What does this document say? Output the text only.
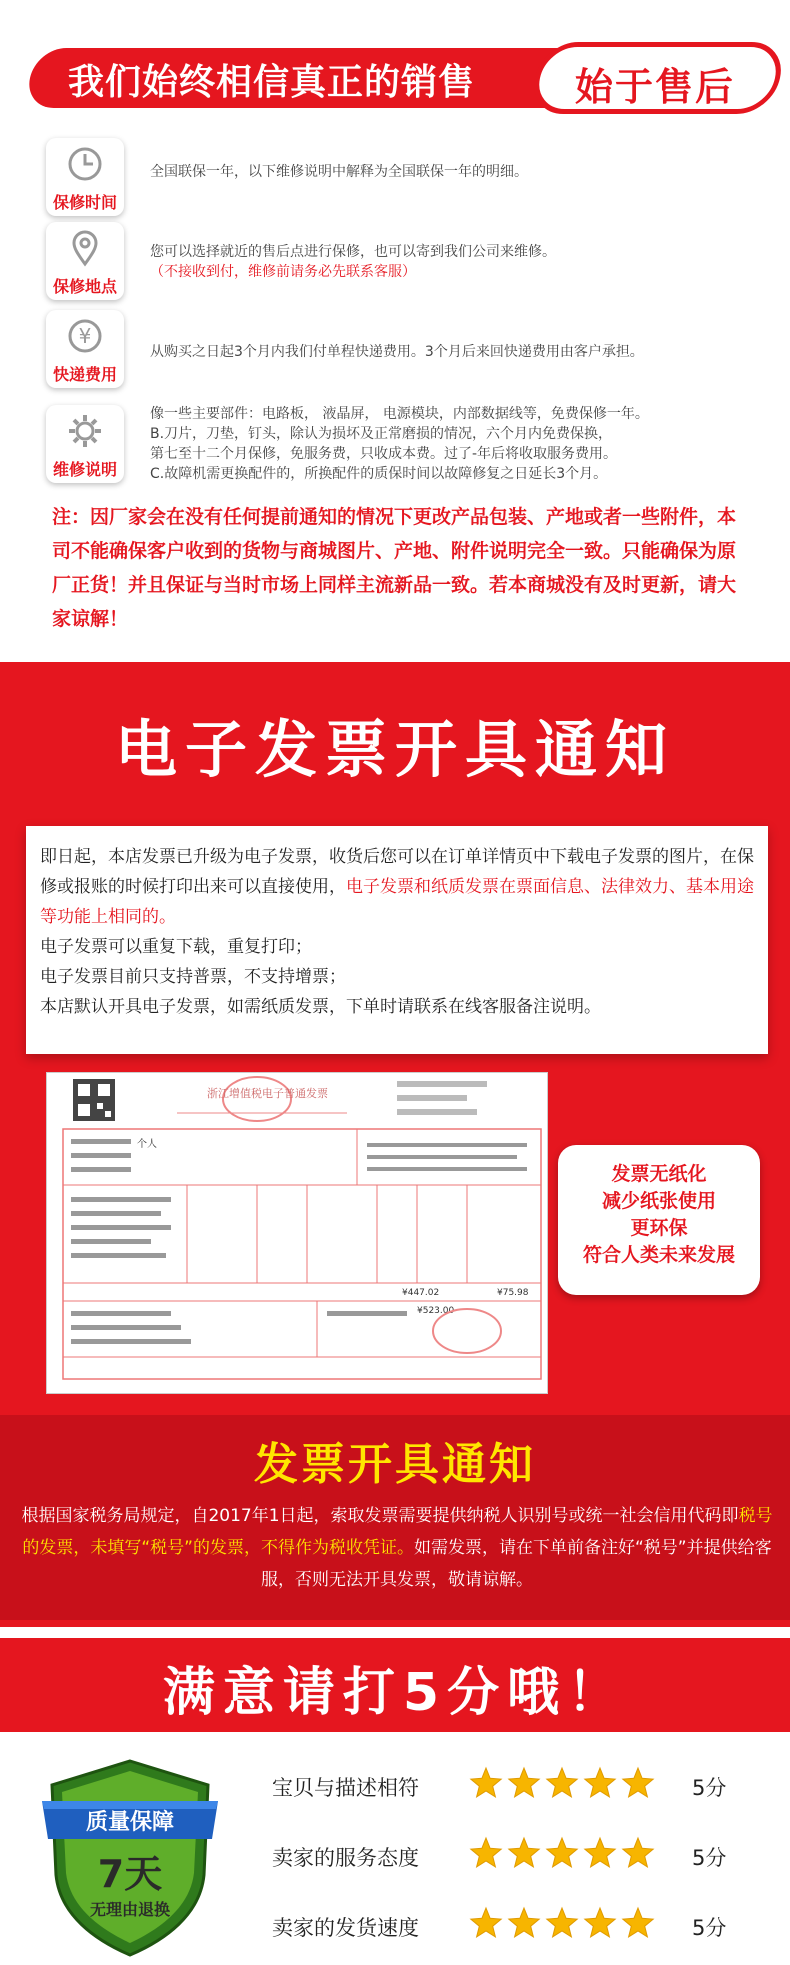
我们始终相信真正的销售	始于售后
保修时间
全国联保一年，以下维修说明中解释为全国联保一年的明细。
保修地点
您可以选择就近的售后点进行保修，也可以寄到我们公司来维修。
（不接收到付，维修前请务必先联系客服）
¥
快递费用
从购买之日起3个月内我们付单程快递费用。3个月后来回快递费用由客户承担。
维修说明
像一些主要部件：电路板， 液晶屏， 电源模块，内部数据线等，免费保修一年。
B.刀片，刀垫，钉头，除认为损坏及正常磨损的情况，六个月内免费保换，
第七至十二个月保修，免服务费，只收成本费。过了-年后将收取服务费用。
C.故障机需更换配件的，所换配件的质保时间以故障修复之日延长3个月。
注：因厂家会在没有任何提前通知的情况下更改产品包装、产地或者一些附件，本司不能确保客户收到的货物与商城图片、产地、附件说明完全一致。只能确保为原厂正货！并且保证与当时市场上同样主流新品一致。若本商城没有及时更新，请大家谅解！
电子发票开具通知

即日起，本店发票已升级为电子发票，收货后您可以在订单详情页中下载电子发票的图片，在保修或报账的时候打印出来可以直接使用，电子发票和纸质发票在票面信息、法律效力、基本用途等功能上相同的。

电子发票可以重复下载，重复打印；

电子发票目前只支持普票，不支持增票；

本店默认开具电子发票，如需纸质发票，下单时请联系在线客服备注说明。

个人
浙江增值税电子普通发票
¥447.02	¥75.98
¥523.00
发票无纸化
减少纸张使用
更环保
符合人类未来发展
发票开具通知
根据国家税务局规定，自2017年1日起，索取发票需要提供纳税人识别号或统一社会信用代码即税号的发票，未填写“税号”的发票，不得作为税收凭证。如需发票，请在下单前备注好“税号”并提供给客服，否则无法开具发票，敬请谅解。
满意请打5分哦！
质量保障
7天
无理由退换
宝贝与描述相符	5分
卖家的服务态度	5分
卖家的发货速度	5分
